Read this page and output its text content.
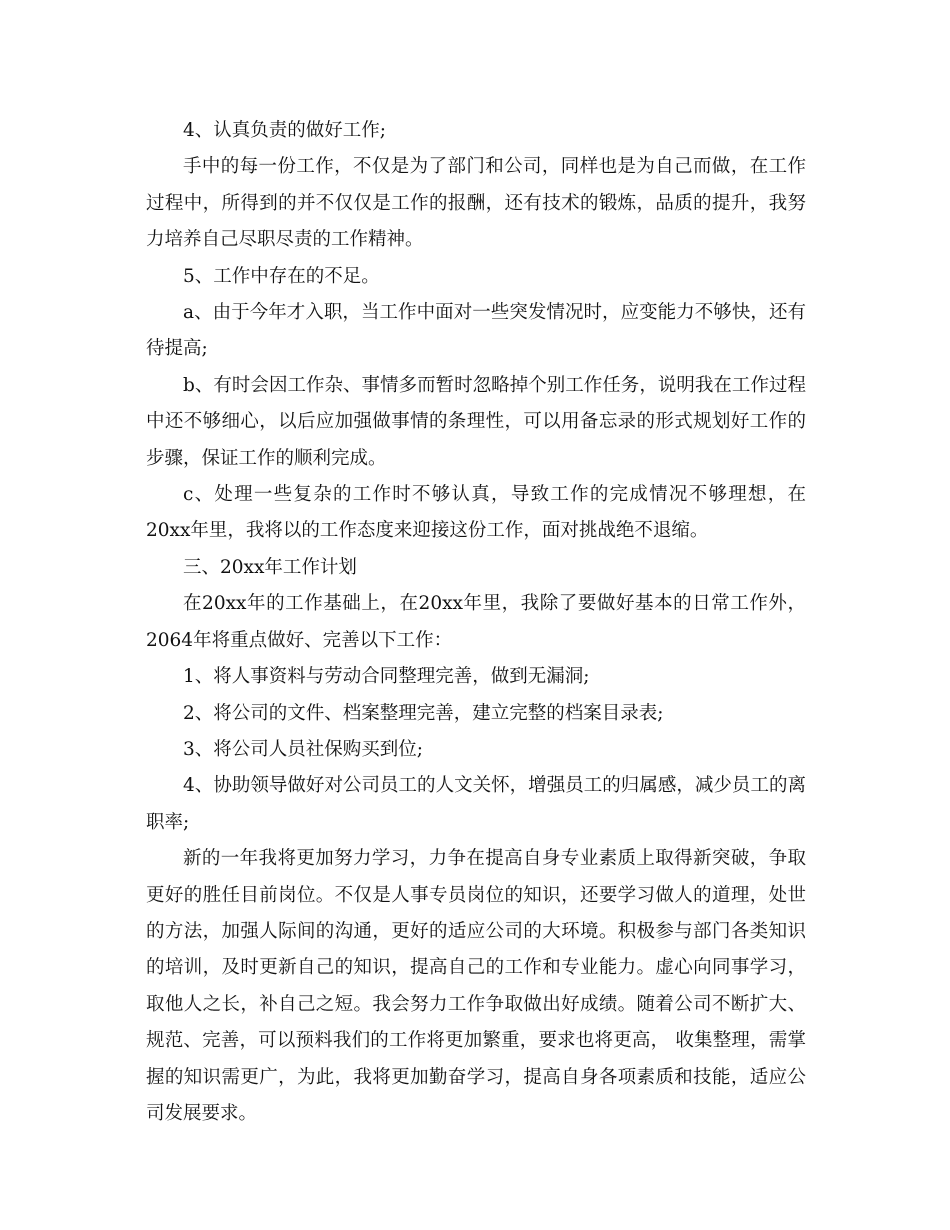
4、认真负责的做好工作;

手中的每一份工作，不仅是为了部门和公司，同样也是为自己而做，在工作过程中，所得到的并不仅仅是工作的报酬，还有技术的锻炼，品质的提升，我努力培养自己尽职尽责的工作精神。

5、工作中存在的不足。

a、由于今年才入职，当工作中面对一些突发情况时，应变能力不够快，还有待提高;

b、有时会因工作杂、事情多而暂时忽略掉个别工作任务，说明我在工作过程中还不够细心，以后应加强做事情的条理性，可以用备忘录的形式规划好工作的步骤，保证工作的顺利完成。

c、处理一些复杂的工作时不够认真，导致工作的完成情况不够理想，在20xx年里，我将以的工作态度来迎接这份工作，面对挑战绝不退缩。

三、20xx年工作计划

在20xx年的工作基础上，在20xx年里，我除了要做好基本的日常工作外，2064年将重点做好、完善以下工作：

1、将人事资料与劳动合同整理完善，做到无漏洞;

2、将公司的文件、档案整理完善，建立完整的档案目录表;

3、将公司人员社保购买到位;

4、协助领导做好对公司员工的人文关怀，增强员工的归属感，减少员工的离职率;

新的一年我将更加努力学习，力争在提高自身专业素质上取得新突破，争取更好的胜任目前岗位。不仅是人事专员岗位的知识，还要学习做人的道理，处世的方法，加强人际间的沟通，更好的适应公司的大环境。积极参与部门各类知识的培训，及时更新自己的知识，提高自己的工作和专业能力。虚心向同事学习，取他人之长，补自己之短。我会努力工作争取做出好成绩。随着公司不断扩大、规范、完善，可以预料我们的工作将更加繁重，要求也将更高， 收集整理，需掌握的知识需更广，为此，我将更加勤奋学习，提高自身各项素质和技能，适应公司发展要求。
